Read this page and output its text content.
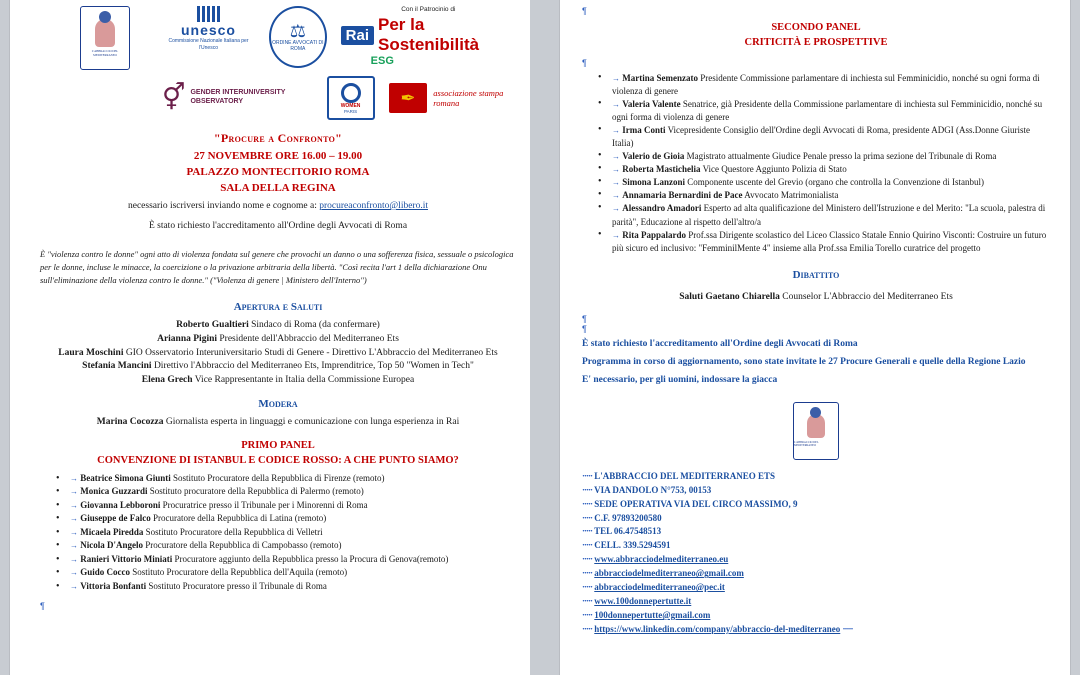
L'ABBRACCIO DEL MEDITERRANEO
unesco
Commissione Nazionale Italiana per l'Unesco
⚖
ORDINE AVVOCATI DI ROMA
Con il Patrocinio di
Rai
Per la Sostenibilità
ESG
⚥ GENDER INTERUNIVERSITY OBSERVATORY
WOMEN
PARIS
✒	associazione stampa romana
"Procure a Confronto"
27 NOVEMBRE ORE 16.00 – 19.00
PALAZZO MONTECITORIO ROMA
SALA DELLA REGINA
necessario iscriversi inviando nome e cognome a: procureaconfronto@libero.it
È stato richiesto l'accreditamento all'Ordine degli Avvocati di Roma
È "violenza contro le donne" ogni atto di violenza fondata sul genere che provochi un danno o una sofferenza fisica, sessuale o psicologica per le donne, incluse le minacce, la coercizione o la privazione arbitraria della libertà. "Così recita l'art 1 della dichiarazione Onu sull'eliminazione della violenza contro le donne." ("Violenza di genere | Ministero dell'Interno")
Apertura e Saluti
Roberto Gualtieri Sindaco di Roma (da confermare)
Arianna Pigini Presidente dell'Abbraccio del Mediterraneo Ets
Laura Moschini GIO Osservatorio Interuniversitario Studi di Genere - Direttivo L'Abbraccio del Mediterraneo Ets
Stefania Mancini Direttivo l'Abbraccio del Mediterraneo Ets, Imprenditrice, Top 50 "Women in Tech"
Elena Grech Vice Rappresentante in Italia della Commissione Europea
Modera
Marina Cocozza Giornalista esperta in linguaggi e comunicazione con lunga esperienza in Rai
PRIMO PANEL
CONVENZIONE DI ISTANBUL E CODICE ROSSO: A CHE PUNTO SIAMO?
• → Beatrice Simona Giunti Sostituto Procuratore della Repubblica di Firenze (remoto)
• → Monica Guzzardi Sostituto procuratore della Repubblica di Palermo (remoto)
• → Giovanna Lebboroni Procuratrice presso il Tribunale per i Minorenni di Roma
• → Giuseppe de Falco Procuratore della Repubblica di Latina (remoto)
• → Micaela Piredda Sostituto Procuratore della Repubblica di Velletri
• → Nicola D'Angelo Procuratore della Repubblica di Campobasso (remoto)
• → Ranieri Vittorio Miniati Procuratore aggiunto della Repubblica presso la Procura di Genova(remoto)
• → Guido Cocco Sostituto Procuratore della Repubblica dell'Aquila (remoto)
• → Vittoria Bonfanti Sostituto Procuratore presso il Tribunale di Roma
¶
¶
SECONDO PANEL
CRITICITÀ E PROSPETTIVE
¶
• → Martina Semenzato Presidente Commissione parlamentare di inchiesta sul Femminicidio, nonché su ogni forma di violenza di genere
• → Valeria Valente Senatrice, già Presidente della Commissione parlamentare di inchiesta sul Femminicidio, nonché su ogni forma di violenza di genere
• → Irma Conti Vicepresidente Consiglio dell'Ordine degli Avvocati di Roma, presidente ADGI (Ass.Donne Giuriste Italia)
• → Valerio de Gioia Magistrato attualmente Giudice Penale presso la prima sezione del Tribunale di Roma
• → Roberta Mastichelia Vice Questore Aggiunto Polizia di Stato
• → Simona Lanzoni Componente uscente del Grevio (organo che controlla la Convenzione di Istanbul)
• → Annamaria Bernardini de Pace Avvocato Matrimonialista
• → Alessandro Amadori Esperto ad alta qualificazione del Ministero dell'Istruzione e del Merito: "La scuola, palestra di parità", Educazione al rispetto dell'altro/a
• → Rita Pappalardo Prof.ssa Dirigente scolastico del Liceo Classico Statale Ennio Quirino Visconti: Costruire un futuro più sicuro ed inclusivo: "FemminilMente 4" insieme alla Prof.ssa Emilia Torello curatrice del progetto
Dibattito
Saluti Gaetano Chiarella Counselor L'Abbraccio del Mediterraneo Ets
¶
¶
È stato richiesto l'accreditamento all'Ordine degli Avvocati di Roma
Programma in corso di aggiornamento, sono state invitate le 27 Procure Generali e quelle della Regione Lazio
E' necessario, per gli uomini, indossare la giacca
L'ABBRACCIO DEL MEDITERRANEO
····· L'ABBRACCIO DEL MEDITERRANEO ETS
····· VIA DANDOLO N°753, 00153
····· SEDE OPERATIVA VIA DEL CIRCO MASSIMO, 9
····· C.F. 97893200580
····· TEL 06.47548513
····· CELL. 339.5294591
····· www.abbracciodelmediterraneo.eu
····· abbracciodelmediterraneo@gmail.com
····· abbracciodelmediterraneo@pec.it
····· www.100donnepertutte.it
····· 100donnepertutte@gmail.com
····· https://www.linkedin.com/company/abbraccio-del-mediterraneo ·····
